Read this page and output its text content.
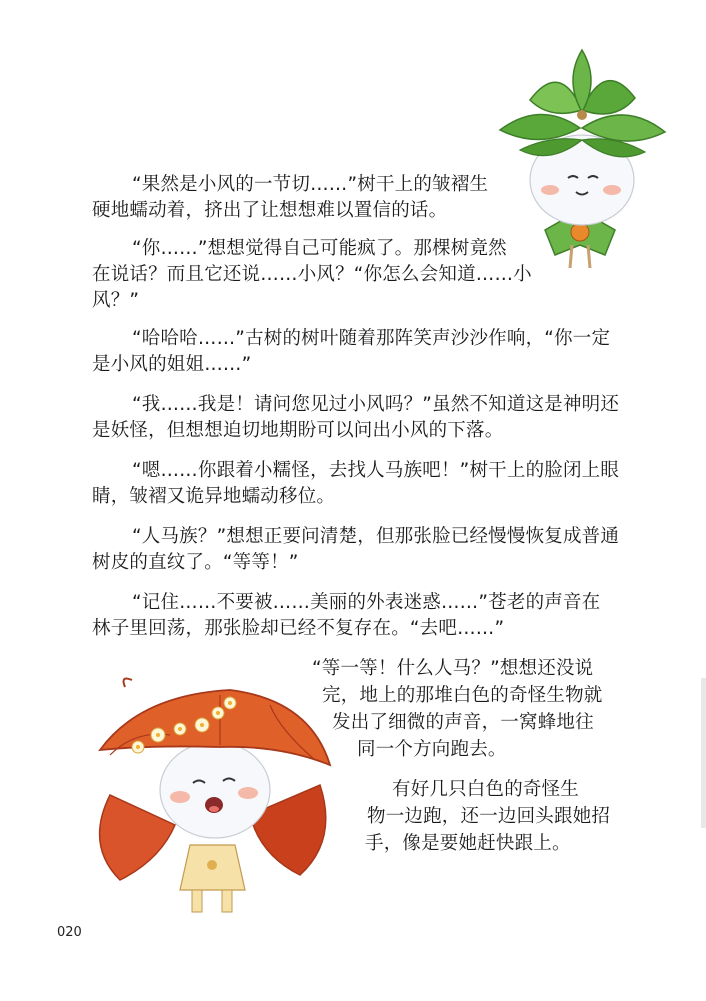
“果然是小风的一节切……”树干上的皱褶生
硬地蠕动着，挤出了让想想难以置信的话。
“你……”想想觉得自己可能疯了。那棵树竟然
在说话？而且它还说……小风？“你怎么会知道……小
风？”
“哈哈哈……”古树的树叶随着那阵笑声沙沙作响，“你一定
是小风的姐姐……”
“我……我是！请问您见过小风吗？”虽然不知道这是神明还
是妖怪，但想想迫切地期盼可以问出小风的下落。
“嗯……你跟着小糯怪，去找人马族吧！”树干上的脸闭上眼
睛，皱褶又诡异地蠕动移位。
“人马族？”想想正要问清楚，但那张脸已经慢慢恢复成普通
树皮的直纹了。“等等！”
“记住……不要被……美丽的外表迷惑……”苍老的声音在
林子里回荡，那张脸却已经不复存在。“去吧……”
“等一等！什么人马？”想想还没说
完，地上的那堆白色的奇怪生物就
发出了细微的声音，一窝蜂地往
同一个方向跑去。
有好几只白色的奇怪生
物一边跑，还一边回头跟她招
手，像是要她赶快跟上。
020
